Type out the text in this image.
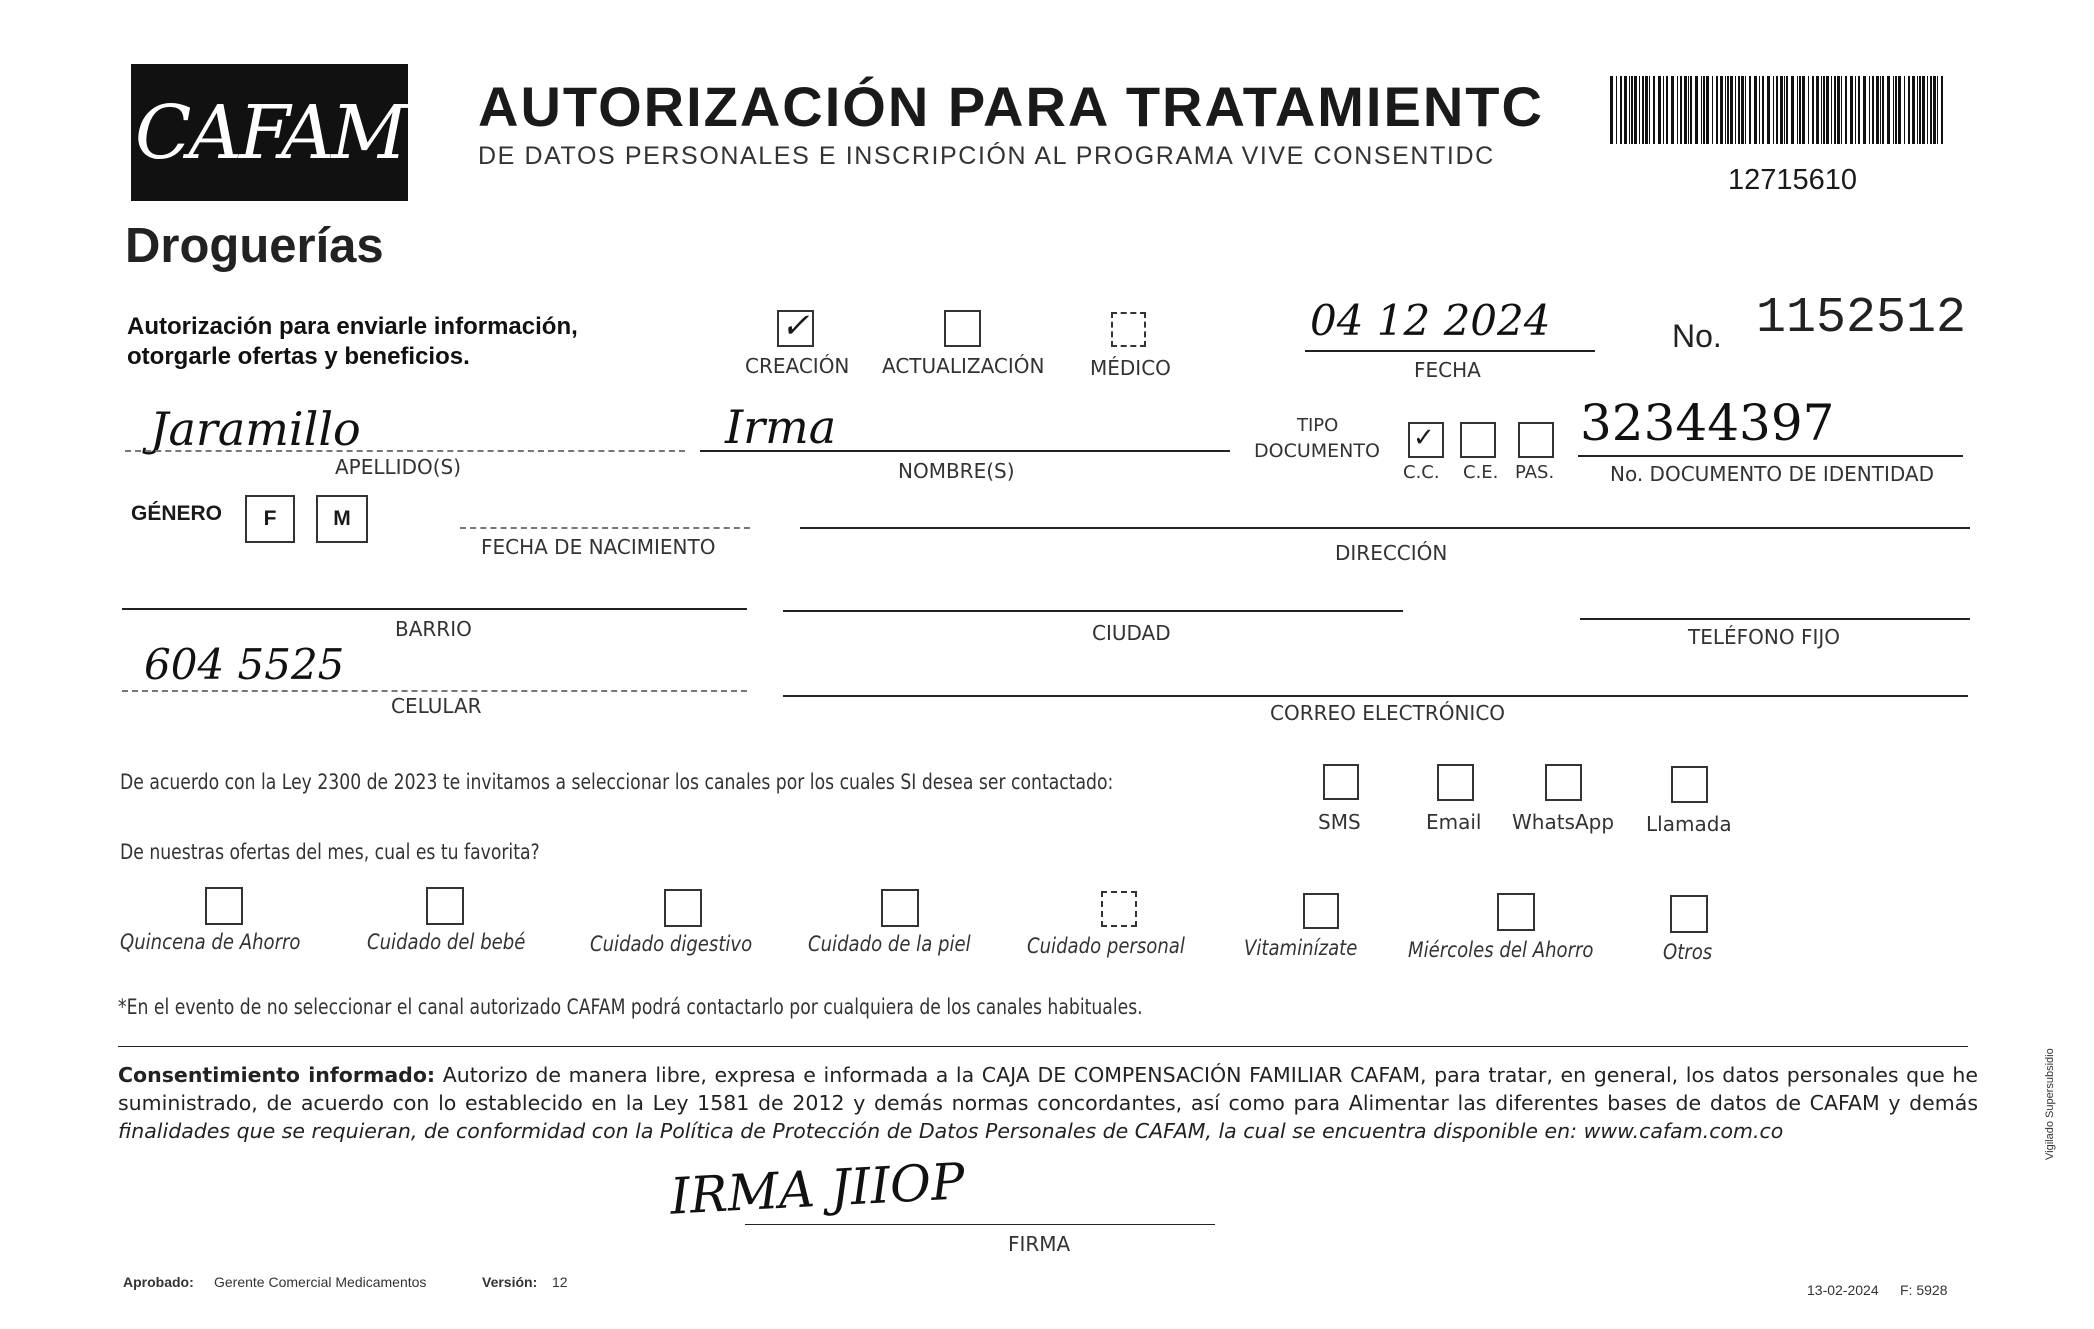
CAFAM AUTORIZACIÓN PARA TRATAMIENTC
DE DATOS PERSONALES E INSCRIPCIÓN AL PROGRAMA VIVE CONSENTIDC
12715610
Droguerías
Autorización para enviarle información,
otorgarle ofertas y beneficios.
✓
CREACIÓN ACTUALIZACIÓN MÉDICO
04 12 2024
FECHA
No. 1152512
Jaramillo
APELLIDO(S)
Irma
NOMBRE(S)
TIPO
DOCUMENTO ✓
C.C. C.E. PAS.
32344397
No. DOCUMENTO DE IDENTIDAD
GÉNERO	F	M
FECHA DE NACIMIENTO	DIRECCIÓN
BARRIO	CIUDAD	TELÉFONO FIJO
604 5525
CELULAR	CORREO ELECTRÓNICO
De acuerdo con la Ley 2300 de 2023 te invitamos a seleccionar los canales por los cuales SI desea ser contactado:
SMS	Email WhatsApp Llamada
De nuestras ofertas del mes, cual es tu favorita?
Quincena de Ahorro	Cuidado del bebé	Cuidado digestivo	Cuidado de la piel	Cuidado personal	Vitaminízate Miércoles del Ahorro	Otros
*En el evento de no seleccionar el canal autorizado CAFAM podrá contactarlo por cualquiera de los canales habituales.
Consentimiento informado: Autorizo de manera libre, expresa e informada a la CAJA DE COMPENSACIÓN FAMILIAR CAFAM, para tratar, en general, los datos personales que he suministrado, de acuerdo con lo establecido en la Ley 1581 de 2012 y demás normas concordantes, así como para Alimentar las diferentes bases de datos de CAFAM y demás finalidades que se requieran, de conformidad con la Política de Protección de Datos Personales de CAFAM, la cual se encuentra disponible en: www.cafam.com.co
IRMA JIIOP
FIRMA
Aprobado: Gerente Comercial Medicamentos	Versión: 12	13-02-2024 F: 5928
Vigilado Supersubsidio
